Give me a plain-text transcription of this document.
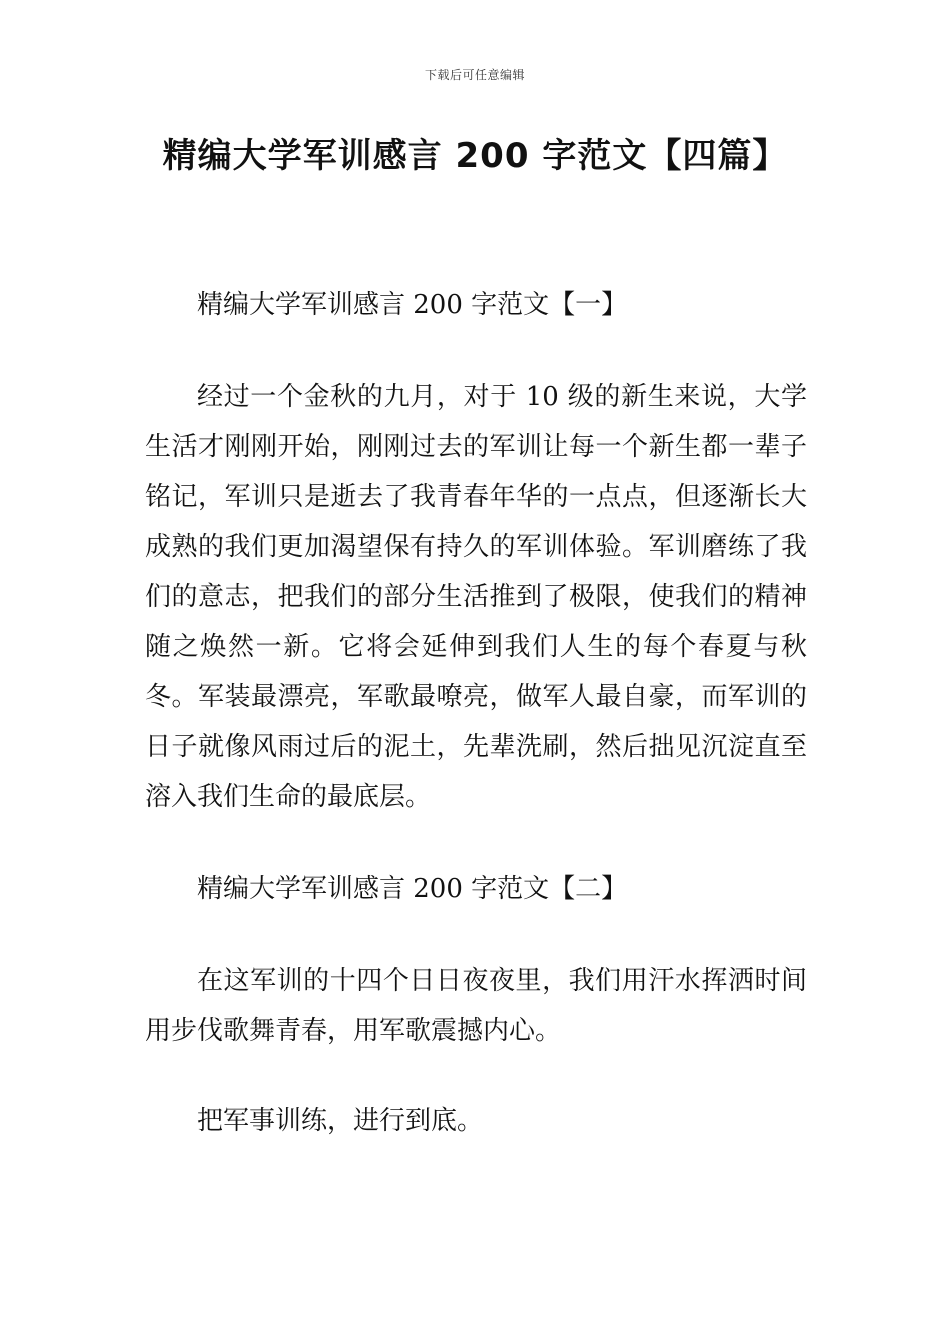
下载后可任意编辑
精编大学军训感言 200 字范文【四篇】

精编大学军训感言 200 字范文【一】

经过一个金秋的九月，对于 10 级的新生来说，大学生活才刚刚开始，刚刚过去的军训让每一个新生都一辈子铭记，军训只是逝去了我青春年华的一点点，但逐渐长大成熟的我们更加渴望保有持久的军训体验。军训磨练了我们的意志，把我们的部分生活推到了极限，使我们的精神随之焕然一新。它将会延伸到我们人生的每个春夏与秋冬。军装最漂亮，军歌最嘹亮，做军人最自豪，而军训的日子就像风雨过后的泥土，先辈洗刷，然后拙见沉淀直至溶入我们生命的最底层。

精编大学军训感言 200 字范文【二】

在这军训的十四个日日夜夜里，我们用汗水挥洒时间用步伐歌舞青春，用军歌震撼内心。

把军事训练，进行到底。
